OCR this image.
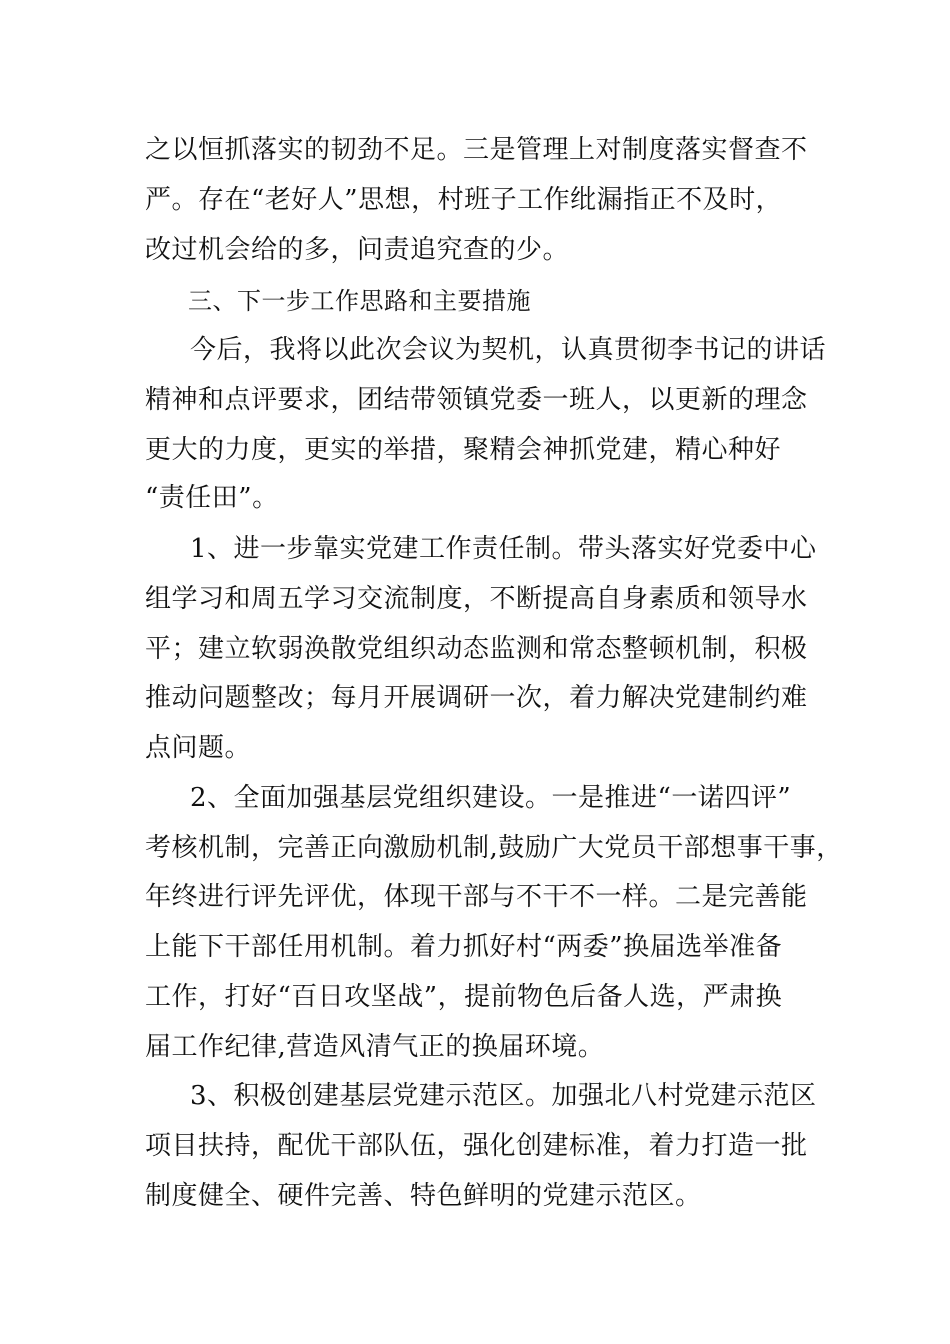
之以恒抓落实的韧劲不足。三是管理上对制度落实督查不
严。存在“老好人”思想，村班子工作纰漏指正不及时，
改过机会给的多，问责追究查的少。
三、下一步工作思路和主要措施
今后，我将以此次会议为契机，认真贯彻李书记的讲话
精神和点评要求，团结带领镇党委一班人，以更新的理念
更大的力度，更实的举措，聚精会神抓党建，精心种好
“责任田”。
1、进一步靠实党建工作责任制。带头落实好党委中心
组学习和周五学习交流制度，不断提高自身素质和领导水
平；建立软弱涣散党组织动态监测和常态整顿机制，积极
推动问题整改；每月开展调研一次，着力解决党建制约难
点问题。
2、全面加强基层党组织建设。一是推进“一诺四评”
考核机制，完善正向激励机制,鼓励广大党员干部想事干事，
年终进行评先评优，体现干部与不干不一样。二是完善能
上能下干部任用机制。着力抓好村“两委”换届选举准备
工作，打好“百日攻坚战”，提前物色后备人选，严肃换
届工作纪律,营造风清气正的换届环境。
3、积极创建基层党建示范区。加强北八村党建示范区
项目扶持，配优干部队伍，强化创建标准，着力打造一批
制度健全、硬件完善、特色鲜明的党建示范区。
